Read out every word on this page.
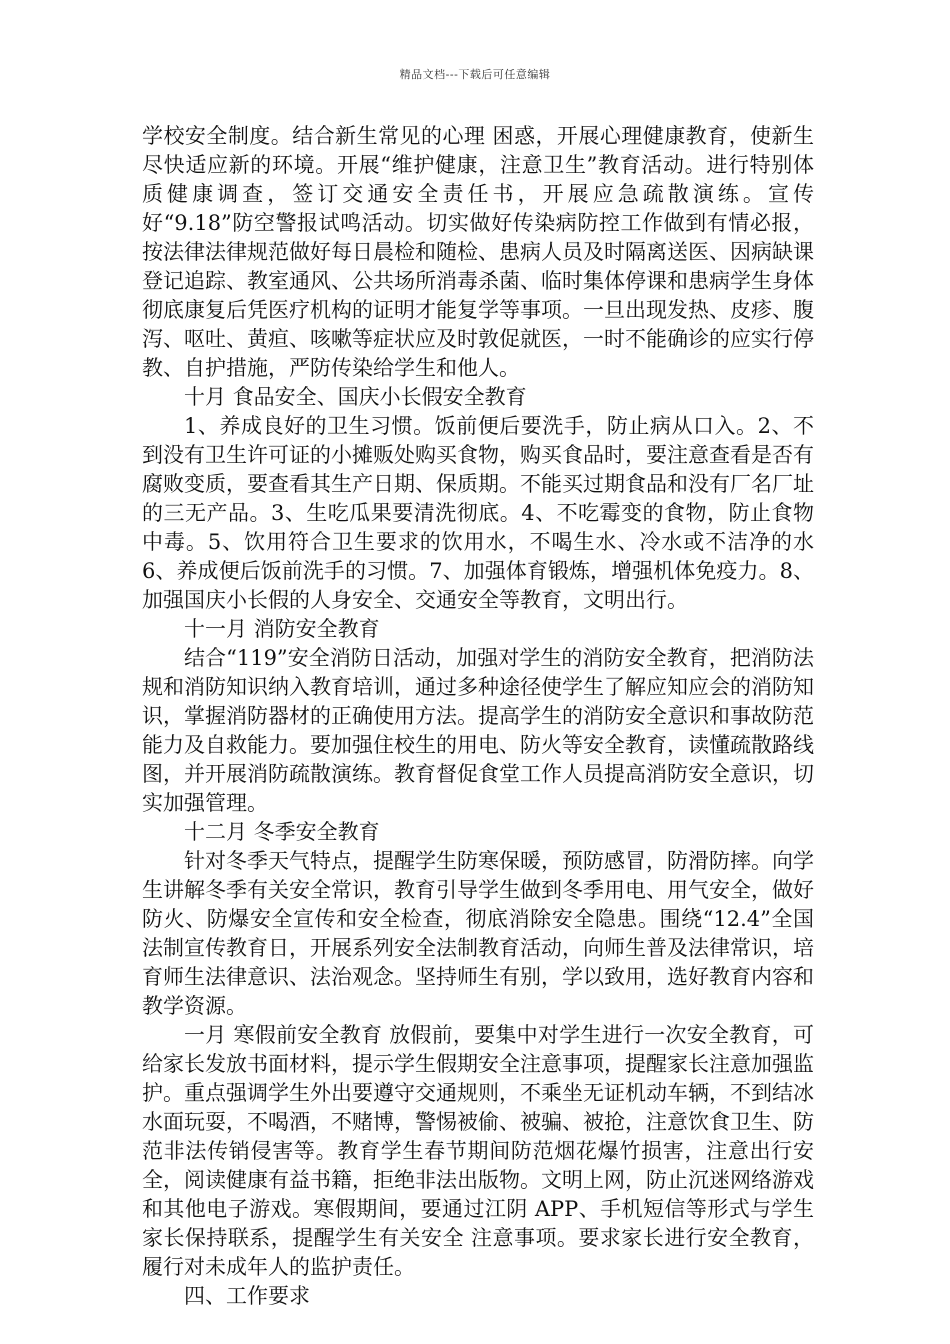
精品文档---下载后可任意编辑

学校安全制度。结合新生常见的心理 困惑，开展心理健康教育，使新生尽快适应新的环境。开展“维护健康，注意卫生”教育活动。进行特别体质健康调查，签订交通安全责任书，开展应急疏散演练。宣传好“9.18”防空警报试鸣活动。切实做好传染病防控工作做到有情必报，按法律法律规范做好每日晨检和随检、患病人员及时隔离送医、因病缺课登记追踪、教室通风、公共场所消毒杀菌、临时集体停课和患病学生身体彻底康复后凭医疗机构的证明才能复学等事项。一旦出现发热、皮疹、腹泻、呕吐、黄疸、咳嗽等症状应及时敦促就医，一时不能确诊的应实行停教、自护措施，严防传染给学生和他人。

十月 食品安全、国庆小长假安全教育

1、养成良好的卫生习惯。饭前便后要洗手，防止病从口入。2、不到没有卫生许可证的小摊贩处购买食物，购买食品时，要注意查看是否有腐败变质，要查看其生产日期、保质期。不能买过期食品和没有厂名厂址的三无产品。3、生吃瓜果要清洗彻底。4、不吃霉变的食物，防止食物中毒。5、饮用符合卫生要求的饮用水，不喝生水、冷水或不洁净的水 6、养成便后饭前洗手的习惯。7、加强体育锻炼，增强机体免疫力。8、加强国庆小长假的人身安全、交通安全等教育，文明出行。

十一月 消防安全教育

结合“119”安全消防日活动，加强对学生的消防安全教育，把消防法规和消防知识纳入教育培训，通过多种途径使学生了解应知应会的消防知识，掌握消防器材的正确使用方法。提高学生的消防安全意识和事故防范能力及自救能力。要加强住校生的用电、防火等安全教育，读懂疏散路线图，并开展消防疏散演练。教育督促食堂工作人员提高消防安全意识，切实加强管理。

十二月 冬季安全教育

针对冬季天气特点，提醒学生防寒保暖，预防感冒，防滑防摔。向学生讲解冬季有关安全常识，教育引导学生做到冬季用电、用气安全，做好防火、防爆安全宣传和安全检查，彻底消除安全隐患。围绕“12.4”全国法制宣传教育日，开展系列安全法制教育活动，向师生普及法律常识，培育师生法律意识、法治观念。坚持师生有别，学以致用，选好教育内容和教学资源。

一月 寒假前安全教育 放假前，要集中对学生进行一次安全教育，可给家长发放书面材料，提示学生假期安全注意事项，提醒家长注意加强监护。重点强调学生外出要遵守交通规则，不乘坐无证机动车辆，不到结冰水面玩耍，不喝酒，不赌博，警惕被偷、被骗、被抢，注意饮食卫生、防范非法传销侵害等。教育学生春节期间防范烟花爆竹损害，注意出行安全，阅读健康有益书籍，拒绝非法出版物。文明上网，防止沉迷网络游戏和其他电子游戏。寒假期间，要通过江阴 APP、手机短信等形式与学生家长保持联系，提醒学生有关安全 注意事项。要求家长进行安全教育，履行对未成年人的监护责任。

四、工作要求
